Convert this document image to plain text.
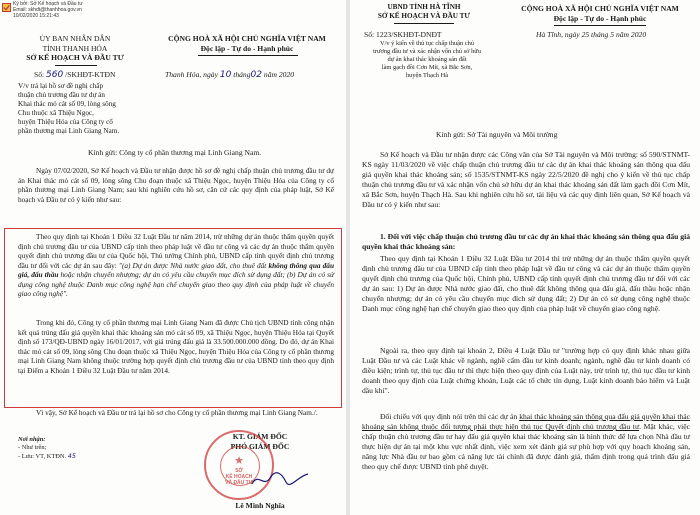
Ký bởi: Sở Kế hoạch và Đầu tư
Email: skhdt@thanhhoa.gov.vn
10/02/2020 15:21:43
ỦY BAN NHÂN DÂN
TỈNH THANH HÓA
SỞ KẾ HOẠCH VÀ ĐẦU TƯ
CỘNG HOÀ XÃ HỘI CHỦ NGHĨA VIỆT NAM
Độc lập - Tự do - Hạnh phúc
Số: 560 /SKHĐT-KTĐN	Thanh Hóa, ngày 10 tháng02 năm 2020
V/v trả lại hồ sơ đề nghị chấp
thuận chủ trương đầu tư dự án
Khai thác mỏ cát số 09, lòng sông
Chu thuộc xã Thiệu Ngọc,
huyện Thiệu Hóa của Công ty cổ
phần thương mại Linh Giang Nam.
Kính gửi: Công ty cổ phần thương mại Linh Giang Nam.
Ngày 07/02/2020, Sở Kế hoạch và Đầu tư nhận được hồ sơ đề nghị chấp thuận chủ trương đầu tư dự án Khai thác mỏ cát số 09, lòng sông Chu đoạn thuộc xã Thiệu Ngọc, huyện Thiệu Hóa của Công ty cổ phần thương mại Linh Giang Nam; sau khi nghiên cứu hồ sơ, căn cứ các quy định của pháp luật, Sở Kế hoạch và Đầu tư có ý kiến như sau:
Theo quy định tại Khoản 1 Điều 32 Luật Đầu tư năm 2014, trừ những dự án thuộc thẩm quyền quyết định chủ trương đầu tư của UBND cấp tỉnh theo pháp luật về đầu tư công và các dự án thuộc thẩm quyền quyết định chủ trương đầu tư của Quốc hội, Thủ tướng Chính phủ, UBND cấp tỉnh quyết định chủ trương đầu tư đối với các dự án sau đây: "(a) Dự án được Nhà nước giao đất, cho thuê đất không thông qua đấu giá, đấu thầu hoặc nhận chuyển nhượng; dự án có yêu cầu chuyển mục đích sử dụng đất; (b) Dự án có sử dụng công nghệ thuộc Danh mục công nghệ hạn chế chuyển giao theo quy định của pháp luật về chuyển giao công nghệ".
Trong khi đó, Công ty cổ phần thương mại Linh Giang Nam đã được Chủ tịch UBND tỉnh công nhận kết quả trúng đấu giá quyền khai thác khoáng sản mỏ cát số 09, xã Thiệu Ngọc, huyện Thiệu Hóa tại Quyết định số 173/QĐ-UBND ngày 16/01/2017, với giá trúng đấu giá là 33.500.000.000 đồng. Do đó, dự án Khai thác mỏ cát số 09, lòng sông Chu đoạn thuộc xã Thiệu Ngọc, huyện Thiệu Hóa của Công ty cổ phần thương mại Linh Giang Nam không thuộc trường hợp quyết định chủ trương đầu tư của UBND tỉnh theo quy định tại Điểm a Khoản 1 Điều 32 Luật Đầu tư năm 2014.
Vì vậy, Sở Kế hoạch và Đầu tư trả lại hồ sơ cho Công ty cổ phần thương mại Linh Giang Nam./.
Nơi nhận:
- Như trên;
- Lưu: VT, KTĐN. 45
KT. GIÁM ĐỐC
PHÓ GIÁM ĐỐC
★
SỞ
KẾ HOẠCH
VÀ ĐẦU TƯ
Lê Minh Nghĩa
UBND TỈNH HÀ TĨNH
SỞ KẾ HOẠCH VÀ ĐẦU TƯ
CỘNG HOÀ XÃ HỘI CHỦ NGHĨA VIỆT NAM
Độc lập - Tự do - Hạnh phúc
Số: 1223/SKHĐT-DNĐT	Hà Tĩnh, ngày 25 tháng 5 năm 2020
V/v ý kiến về thủ tục chấp thuận chủ
trương đầu tư và xác nhận vốn chủ sở hữu
dự án khai thác khoáng sản đất
làm gạch đồi Cơn Mít, xã Bắc Sơn,
huyện Thạch Hà
Kính gửi: Sở Tài nguyên và Môi trường
Sở Kế hoạch và Đầu tư nhận được các Công văn của Sở Tài nguyên và Môi trường: số 590/STNMT-KS ngày 11/03/2020 về việc chấp thuận chủ trương đầu tư các dự án khai thác khoáng sản thông qua đấu giá quyền khai thác khoáng sản; số 1535/STNMT-KS ngày 22/5/2020 đề nghị cho ý kiến về thủ tục chấp thuận chủ trương đầu tư và xác nhận vốn chủ sở hữu dự án khai thác khoáng sản đất làm gạch đồi Cơn Mít, xã Bắc Sơn, huyện Thạch Hà. Sau khi nghiên cứu hồ sơ, tài liệu và các quy định liên quan, Sở Kế hoạch và Đầu tư có ý kiến như sau:
1. Đối với việc chấp thuận chủ trương đầu tư các dự án khai thác khoáng sản thông qua đấu giá quyền khai thác khoáng sản:
Theo quy định tại Khoản 1 Điều 32 Luật Đầu tư 2014 thì trừ những dự án thuộc thẩm quyền quyết định chủ trương đầu tư của UBND cấp tỉnh theo pháp luật về đầu tư công và các dự án thuộc thẩm quyền quyết định chủ trương của Quốc hội, Chính phủ, UBND cấp tỉnh quyết định chủ trương đầu tư đối với các dự án sau: 1) Dự án được Nhà nước giao đất, cho thuê đất không thông qua đấu giá, đấu thầu hoặc nhận chuyển nhượng; dự án có yêu cầu chuyển mục đích sử dụng đất; 2) Dự án có sử dụng công nghệ thuộc Danh mục công nghệ hạn chế chuyển giao theo quy định của pháp luật về chuyển giao công nghệ.
Ngoài ra, theo quy định tại khoản 2, Điều 4 Luật Đầu tư "trường hợp có quy định khác nhau giữa Luật Đầu tư và các Luật khác về ngành, nghề cấm đầu tư kinh doanh; ngành, nghề đầu tư kinh doanh có điều kiện; trình tự, thủ tục đầu tư thì thực hiện theo quy định của Luật này, trừ trình tự, thủ tục đầu tư kinh doanh theo quy định của Luật chứng khoán, Luật các tổ chức tín dụng, Luật kinh doanh bảo hiểm và Luật dầu khí".
Đối chiếu với quy định nói trên thì các dự án khai thác khoáng sản thông qua đấu giá quyền khai thác khoáng sản không thuộc đối tượng phải thực hiện thủ tục Quyết định chủ trương đầu tư. Mặt khác, việc chấp thuận chủ trương đầu tư hay đấu giá quyền khai thác khoáng sản là hình thức để lựa chọn Nhà đầu tư thực hiện dự án tại một khu vực nhất định, việc xem xét đánh giá sự phù hợp với quy hoạch khoáng sản, năng lực Nhà đầu tư bao gồm cả năng lực tài chính đã được đánh giá, thẩm định trong quá trình đấu giá theo quy chế được UBND tỉnh phê duyệt.
